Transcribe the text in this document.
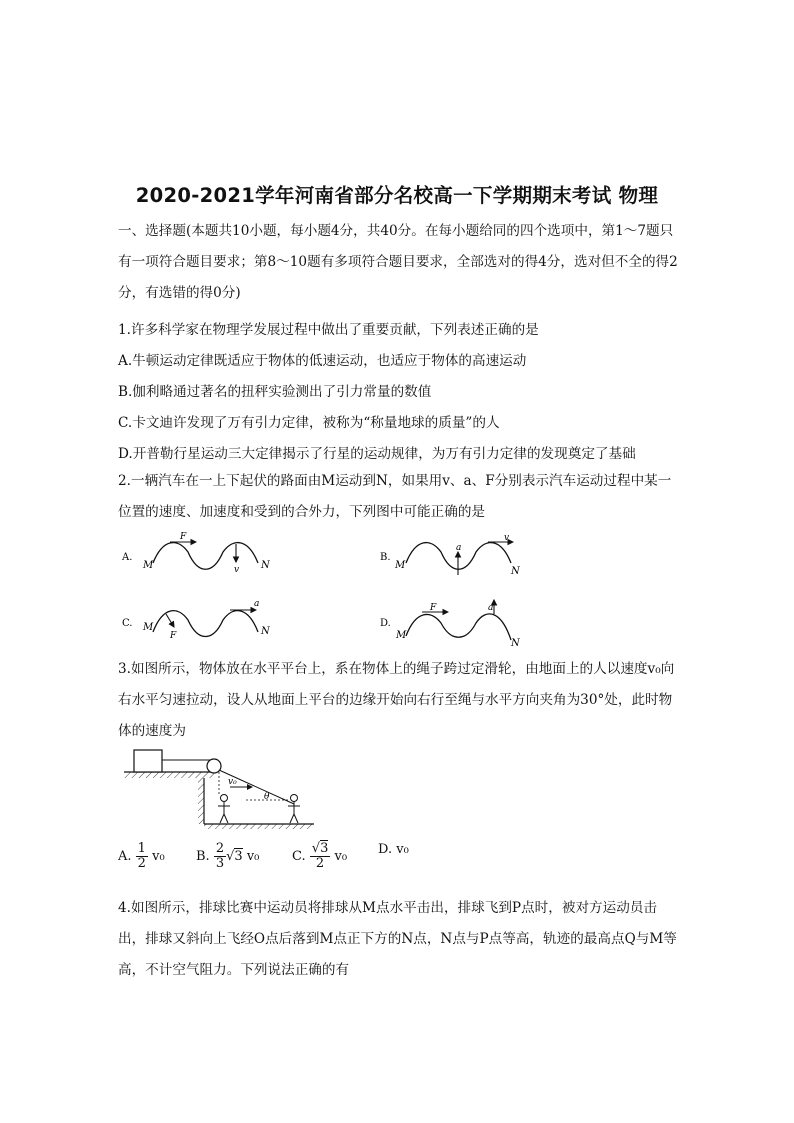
2020-2021学年河南省部分名校高一下学期期末考试 物理
一、选择题(本题共10小题，每小题4分，共40分。在每小题给同的四个选项中，第1～7题只有一项符合题目要求；第8～10题有多项符合题目要求，全部选对的得4分，选对但不全的得2分，有选错的得0分)
1.许多科学家在物理学发展过程中做出了重要贡献，下列表述正确的是
A.牛顿运动定律既适应于物体的低速运动，也适应于物体的高速运动
B.伽利略通过著名的扭秤实验测出了引力常量的数值
C.卡文迪许发现了万有引力定律，被称为“称量地球的质量”的人
D.开普勒行星运动三大定律揭示了行星的运动规律，为万有引力定律的发现奠定了基础
2.一辆汽车在一上下起伏的路面由M运动到N，如果用v、a、F分别表示汽车运动过程中某一位置的速度、加速度和受到的合外力，下列图中可能正确的是
A.
M	N
F
v
B.
M
N
a
v
C. M	N
F
a
D.
M
N
F	a
3.如图所示，物体放在水平平台上，系在物体上的绳子跨过定滑轮，由地面上的人以速度v₀向右水平匀速拉动，设人从地面上平台的边缘开始向右行至绳与水平方向夹角为30°处，此时物体的速度为
v₀
θ
A. $\frac{1}{2} v_0$ B. $\frac{2}{3} √3$ v₀	C. $\frac{√3}{2} v_0$ D. v₀
4.如图所示，排球比赛中运动员将排球从M点水平击出，排球飞到P点时，被对方运动员击出，排球又斜向上飞经O点后落到M点正下方的N点，N点与P点等高，轨迹的最高点Q与M等高，不计空气阻力。下列说法正确的有
